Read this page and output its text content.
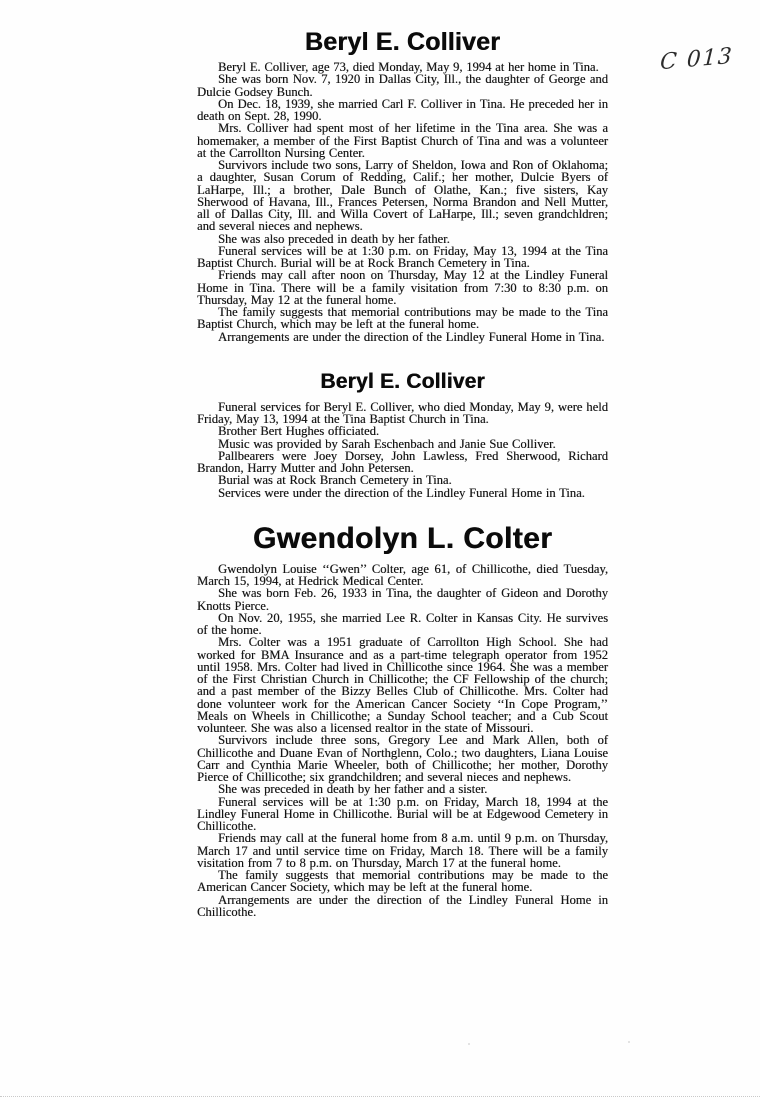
C 013
Beryl E. Colliver

Beryl E. Colliver, age 73, died Monday, May 9, 1994 at her home in Tina.

She was born Nov. 7, 1920 in Dallas City, Ill., the daughter of George and Dulcie Godsey Bunch.

On Dec. 18, 1939, she married Carl F. Colliver in Tina. He preceded her in death on Sept. 28, 1990.

Mrs. Colliver had spent most of her lifetime in the Tina area. She was a homemaker, a member of the First Baptist Church of Tina and was a volunteer at the Carrollton Nursing Center.

Survivors include two sons, Larry of Sheldon, Iowa and Ron of Oklahoma; a daughter, Susan Corum of Redding, Calif.; her mother, Dulcie Byers of LaHarpe, Ill.; a brother, Dale Bunch of Olathe, Kan.; five sisters, Kay Sherwood of Havana, Ill., Frances Petersen, Norma Brandon and Nell Mutter, all of Dallas City, Ill. and Willa Covert of LaHarpe, Ill.; seven grandchldren; and several nieces and nephews.

She was also preceded in death by her father.

Funeral services will be at 1:30 p.m. on Friday, May 13, 1994 at the Tina Baptist Church. Burial will be at Rock Branch Cemetery in Tina.

Friends may call after noon on Thursday, May 12 at the Lindley Funeral Home in Tina. There will be a family visitation from 7:30 to 8:30 p.m. on Thursday, May 12 at the funeral home.

The family suggests that memorial contributions may be made to the Tina Baptist Church, which may be left at the funeral home.

Arrangements are under the direction of the Lindley Funeral Home in Tina.

Beryl E. Colliver

Funeral services for Beryl E. Colliver, who died Monday, May 9, were held Friday, May 13, 1994 at the Tina Baptist Church in Tina.

Brother Bert Hughes officiated.

Music was provided by Sarah Eschenbach and Janie Sue Colliver.

Pallbearers were Joey Dorsey, John Lawless, Fred Sherwood, Richard Brandon, Harry Mutter and John Petersen.

Burial was at Rock Branch Cemetery in Tina.

Services were under the direction of the Lindley Funeral Home in Tina.

Gwendolyn L. Colter

Gwendolyn Louise ‘‘Gwen’’ Colter, age 61, of Chillicothe, died Tuesday, March 15, 1994, at Hedrick Medical Center.

She was born Feb. 26, 1933 in Tina, the daughter of Gideon and Dorothy Knotts Pierce.

On Nov. 20, 1955, she married Lee R. Colter in Kansas City. He survives of the home.

Mrs. Colter was a 1951 graduate of Carrollton High School. She had worked for BMA Insurance and as a part-time telegraph operator from 1952 until 1958. Mrs. Colter had lived in Chillicothe since 1964. She was a member of the First Christian Church in Chillicothe; the CF Fellowship of the church; and a past member of the Bizzy Belles Club of Chillicothe. Mrs. Colter had done volunteer work for the American Cancer Society ‘‘In Cope Program,’’ Meals on Wheels in Chillicothe; a Sunday School teacher; and a Cub Scout volunteer. She was also a licensed realtor in the state of Missouri.

Survivors include three sons, Gregory Lee and Mark Allen, both of Chillicothe and Duane Evan of Northglenn, Colo.; two daughters, Liana Louise Carr and Cynthia Marie Wheeler, both of Chillicothe; her mother, Dorothy Pierce of Chillicothe; six grandchildren; and several nieces and nephews.

She was preceded in death by her father and a sister.

Funeral services will be at 1:30 p.m. on Friday, March 18, 1994 at the Lindley Funeral Home in Chillicothe. Burial will be at Edgewood Cemetery in Chillicothe.

Friends may call at the funeral home from 8 a.m. until 9 p.m. on Thursday, March 17 and until service time on Friday, March 18. There will be a family visitation from 7 to 8 p.m. on Thursday, March 17 at the funeral home.

The family suggests that memorial contributions may be made to the American Cancer Society, which may be left at the funeral home.

Arrangements are under the direction of the Lindley Funeral Home in Chillicothe.
